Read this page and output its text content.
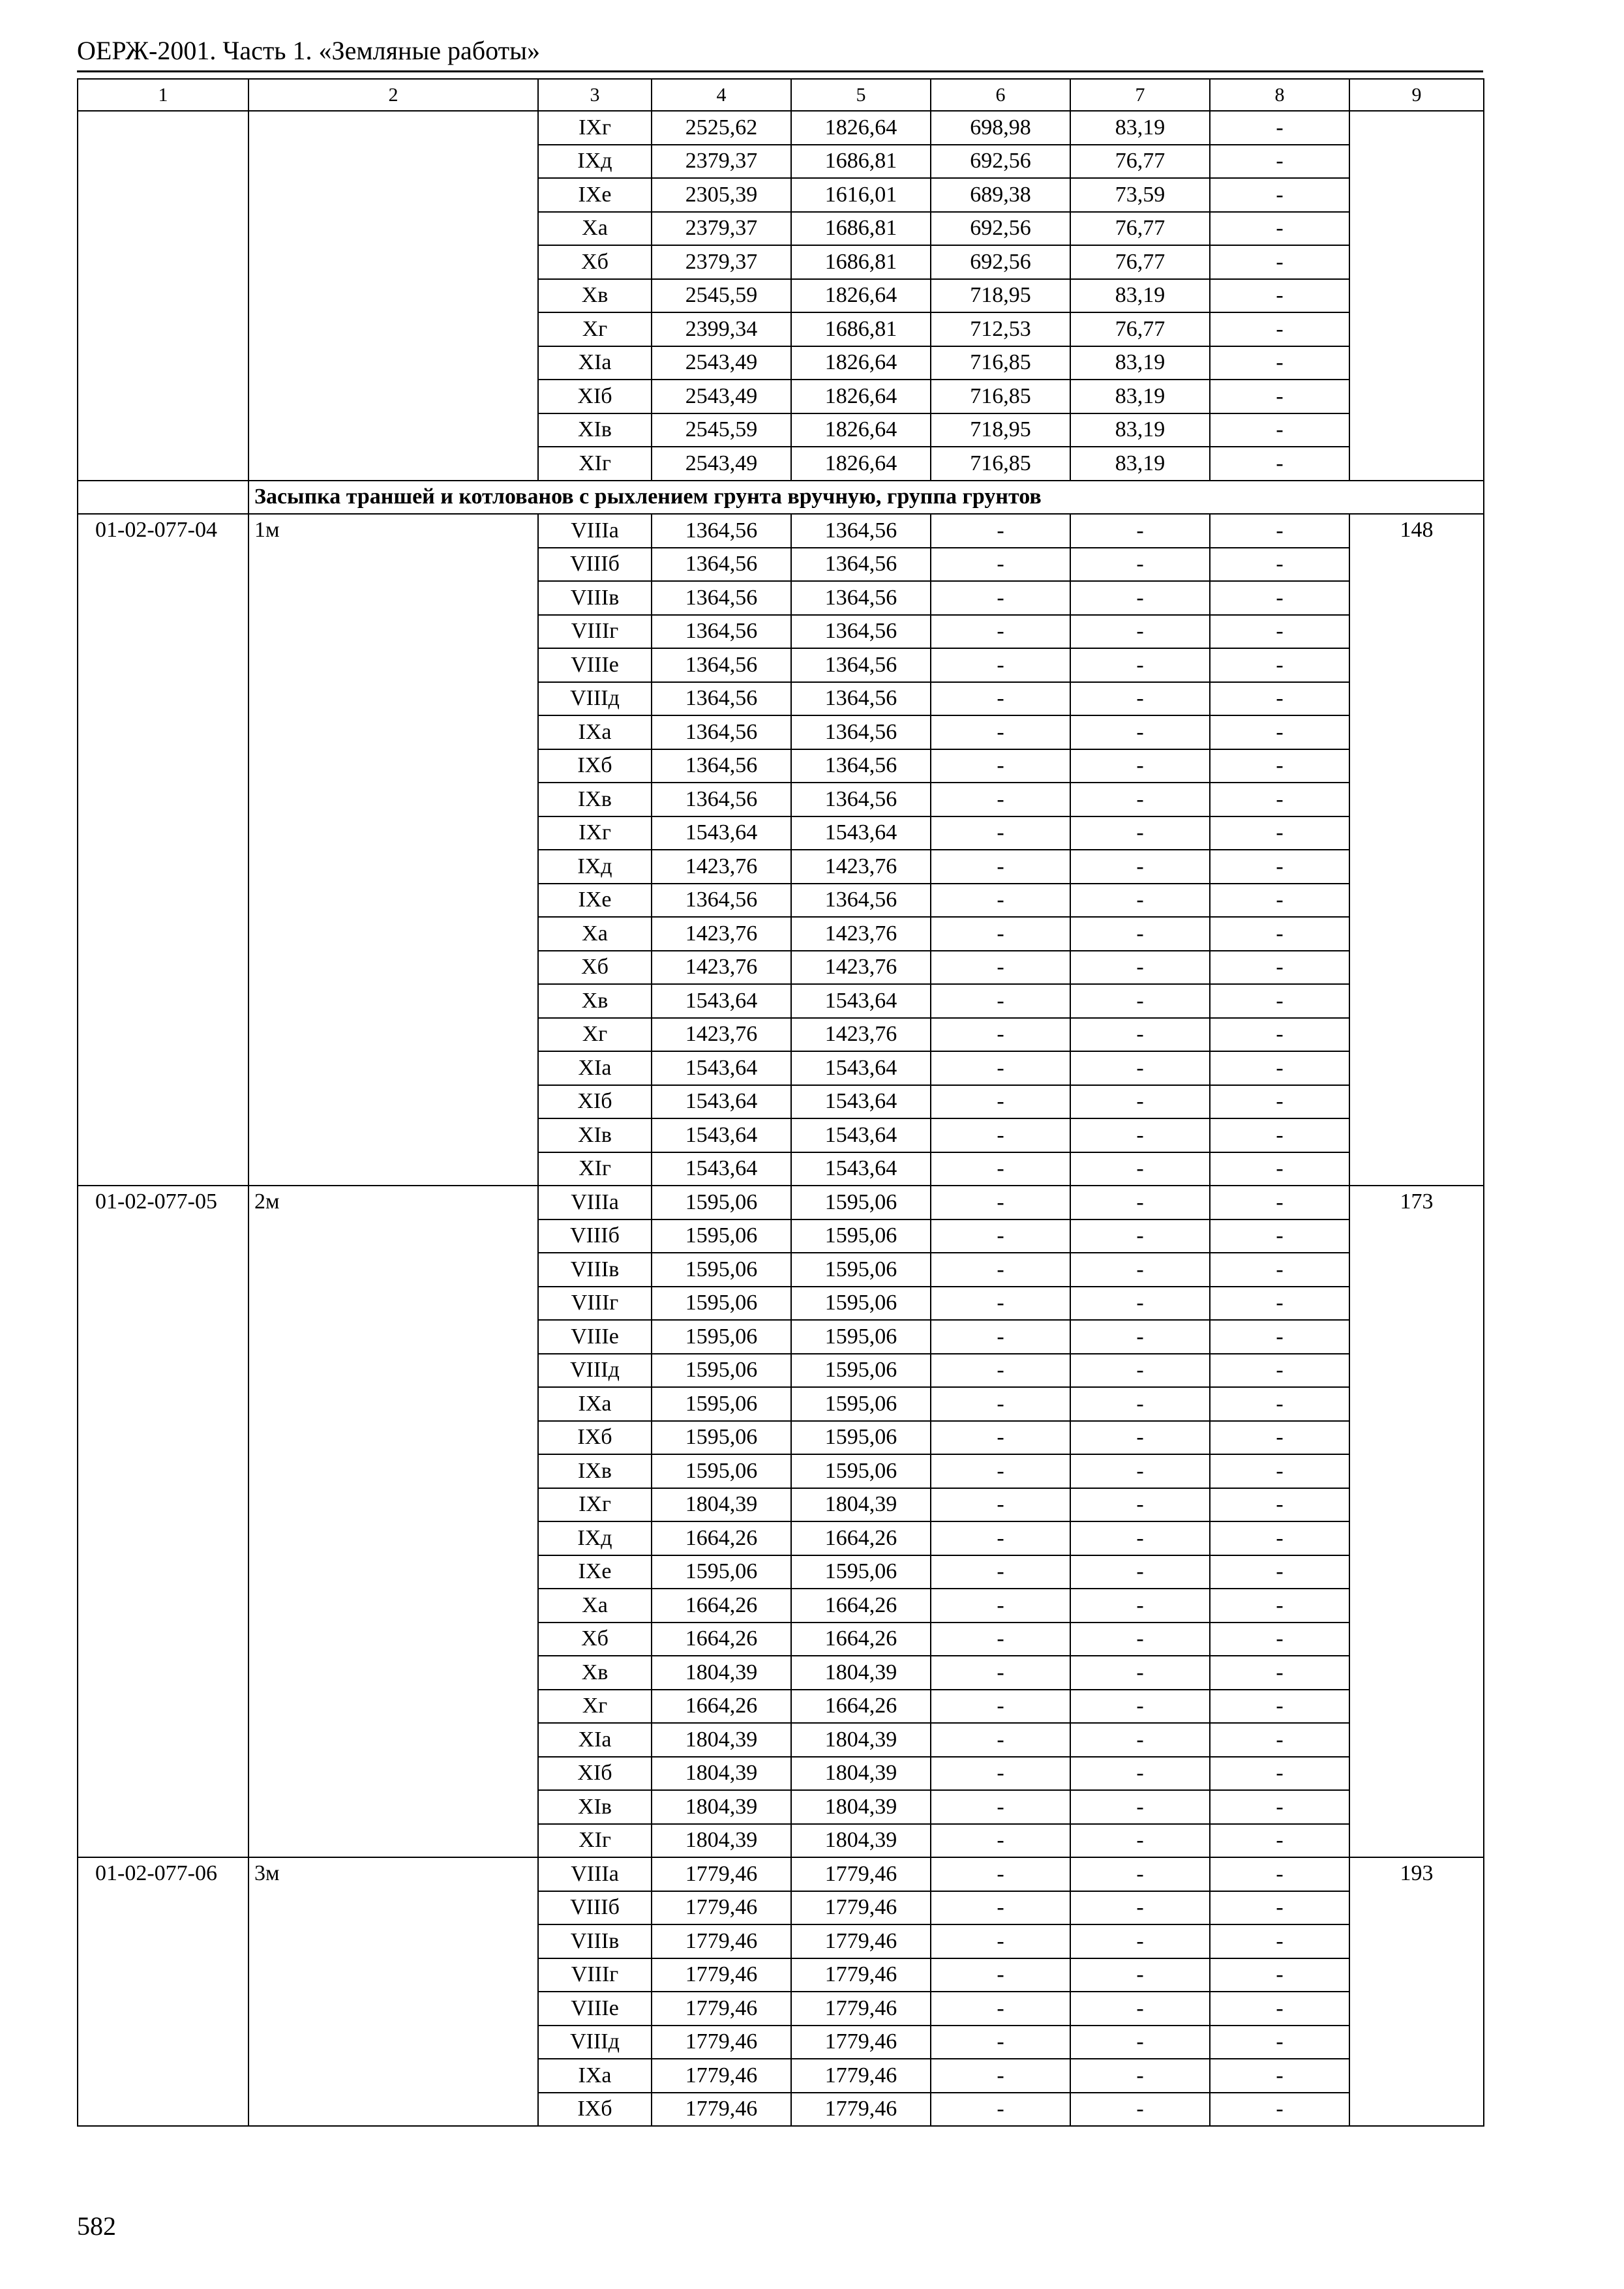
ОЕРЖ-2001. Часть 1. «Земляные работы»
1	2	3	4	5	6	7	8	9
		IXг	2525,62	1826,64	698,98	83,19	-	
		IXд	2379,37	1686,81	692,56	76,77	-	
		IXе	2305,39	1616,01	689,38	73,59	-	
		Xа	2379,37	1686,81	692,56	76,77	-	
		Xб	2379,37	1686,81	692,56	76,77	-	
		Xв	2545,59	1826,64	718,95	83,19	-	
		Xг	2399,34	1686,81	712,53	76,77	-	
		XIа	2543,49	1826,64	716,85	83,19	-	
		XIб	2543,49	1826,64	716,85	83,19	-	
		XIв	2545,59	1826,64	718,95	83,19	-	
		XIг	2543,49	1826,64	716,85	83,19	-	
	Засыпка траншей и котлованов с рыхлением грунта вручную, группа грунтов							
01-02-077-04	1м	VIIIа	1364,56	1364,56	-	-	-	148
		VIIIб	1364,56	1364,56	-	-	-	
		VIIIв	1364,56	1364,56	-	-	-	
		VIIIг	1364,56	1364,56	-	-	-	
		VIIIе	1364,56	1364,56	-	-	-	
		VIIIд	1364,56	1364,56	-	-	-	
		IXа	1364,56	1364,56	-	-	-	
		IXб	1364,56	1364,56	-	-	-	
		IXв	1364,56	1364,56	-	-	-	
		IXг	1543,64	1543,64	-	-	-	
		IXд	1423,76	1423,76	-	-	-	
		IXе	1364,56	1364,56	-	-	-	
		Xа	1423,76	1423,76	-	-	-	
		Xб	1423,76	1423,76	-	-	-	
		Xв	1543,64	1543,64	-	-	-	
		Xг	1423,76	1423,76	-	-	-	
		XIа	1543,64	1543,64	-	-	-	
		XIб	1543,64	1543,64	-	-	-	
		XIв	1543,64	1543,64	-	-	-	
		XIг	1543,64	1543,64	-	-	-	
01-02-077-05	2м	VIIIа	1595,06	1595,06	-	-	-	173
		VIIIб	1595,06	1595,06	-	-	-	
		VIIIв	1595,06	1595,06	-	-	-	
		VIIIг	1595,06	1595,06	-	-	-	
		VIIIе	1595,06	1595,06	-	-	-	
		VIIIд	1595,06	1595,06	-	-	-	
		IXа	1595,06	1595,06	-	-	-	
		IXб	1595,06	1595,06	-	-	-	
		IXв	1595,06	1595,06	-	-	-	
		IXг	1804,39	1804,39	-	-	-	
		IXд	1664,26	1664,26	-	-	-	
		IXе	1595,06	1595,06	-	-	-	
		Xа	1664,26	1664,26	-	-	-	
		Xб	1664,26	1664,26	-	-	-	
		Xв	1804,39	1804,39	-	-	-	
		Xг	1664,26	1664,26	-	-	-	
		XIа	1804,39	1804,39	-	-	-	
		XIб	1804,39	1804,39	-	-	-	
		XIв	1804,39	1804,39	-	-	-	
		XIг	1804,39	1804,39	-	-	-	
01-02-077-06	3м	VIIIа	1779,46	1779,46	-	-	-	193
		VIIIб	1779,46	1779,46	-	-	-	
		VIIIв	1779,46	1779,46	-	-	-	
		VIIIг	1779,46	1779,46	-	-	-	
		VIIIе	1779,46	1779,46	-	-	-	
		VIIIд	1779,46	1779,46	-	-	-	
		IXа	1779,46	1779,46	-	-	-	
		IXб	1779,46	1779,46	-	-	-	
582
